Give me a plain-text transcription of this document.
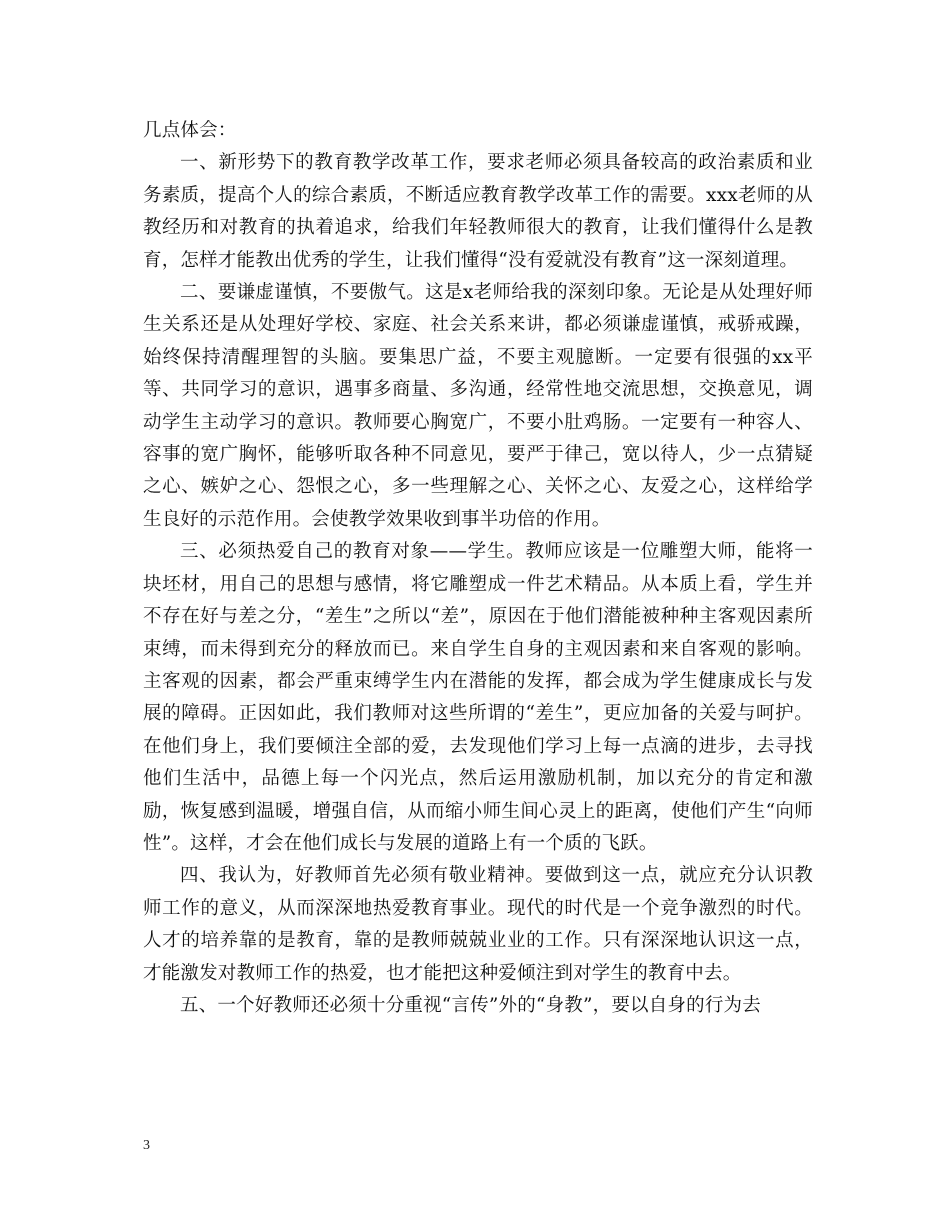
几点体会：

一、新形势下的教育教学改革工作，要求老师必须具备较高的政治素质和业务素质，提高个人的综合素质，不断适应教育教学改革工作的需要。xxx老师的从教经历和对教育的执着追求，给我们年轻教师很大的教育，让我们懂得什么是教育，怎样才能教出优秀的学生，让我们懂得“没有爱就没有教育”这一深刻道理。

二、要谦虚谨慎，不要傲气。这是x老师给我的深刻印象。无论是从处理好师生关系还是从处理好学校、家庭、社会关系来讲，都必须谦虚谨慎，戒骄戒躁，始终保持清醒理智的头脑。要集思广益，不要主观臆断。一定要有很强的xx平等、共同学习的意识，遇事多商量、多沟通，经常性地交流思想，交换意见，调动学生主动学习的意识。教师要心胸宽广，不要小肚鸡肠。一定要有一种容人、容事的宽广胸怀，能够听取各种不同意见，要严于律己，宽以待人，少一点猜疑之心、嫉妒之心、怨恨之心，多一些理解之心、关怀之心、友爱之心，这样给学生良好的示范作用。会使教学效果收到事半功倍的作用。

三、必须热爱自己的教育对象——学生。教师应该是一位雕塑大师，能将一块坯材，用自己的思想与感情，将它雕塑成一件艺术精品。从本质上看，学生并不存在好与差之分，“差生”之所以“差”，原因在于他们潜能被种种主客观因素所束缚，而未得到充分的释放而已。来自学生自身的主观因素和来自客观的影响。主客观的因素，都会严重束缚学生内在潜能的发挥，都会成为学生健康成长与发展的障碍。正因如此，我们教师对这些所谓的“差生”，更应加备的关爱与呵护。在他们身上，我们要倾注全部的爱，去发现他们学习上每一点滴的进步，去寻找他们生活中，品德上每一个闪光点，然后运用激励机制，加以充分的肯定和激励，恢复感到温暖，增强自信，从而缩小师生间心灵上的距离，使他们产生“向师性”。这样，才会在他们成长与发展的道路上有一个质的飞跃。

四、我认为，好教师首先必须有敬业精神。要做到这一点，就应充分认识教师工作的意义，从而深深地热爱教育事业。现代的时代是一个竞争激烈的时代。人才的培养靠的是教育，靠的是教师兢兢业业的工作。只有深深地认识这一点，才能激发对教师工作的热爱，也才能把这种爱倾注到对学生的教育中去。

五、一个好教师还必须十分重视“言传”外的“身教”，要以自身的行为去

3
